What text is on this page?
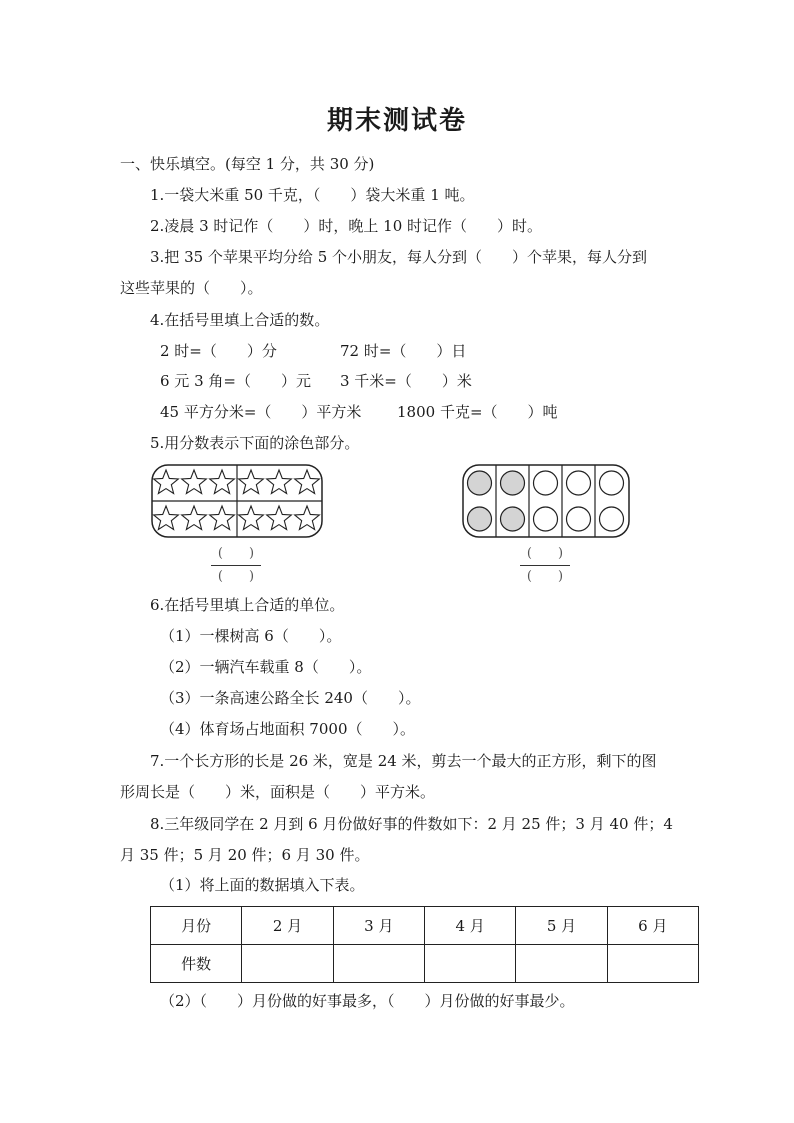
期末测试卷
一、快乐填空。(每空 1 分，共 30 分)
1.一袋大米重 50 千克，（　　）袋大米重 1 吨。
2.凌晨 3 时记作（　　）时，晚上 10 时记作（　　）时。
3.把 35 个苹果平均分给 5 个小朋友，每人分到（　　）个苹果，每人分到
这些苹果的（　　）。
4.在括号里填上合适的数。
2 时=（　　）分	72 时=（　　）日
6 元 3 角=（　　）元 3 千米=（　　）米
45 平方分米=（　　）平方米 1800 千克=（　　）吨
5.用分数表示下面的涂色部分。
(　　)
(　　)
(　　)
(　　)
6.在括号里填上合适的单位。
（1）一棵树高 6（　　）。
（2）一辆汽车载重 8（　　）。
（3）一条高速公路全长 240（　　）。
（4）体育场占地面积 7000（　　）。
7.一个长方形的长是 26 米，宽是 24 米，剪去一个最大的正方形，剩下的图
形周长是（　　）米，面积是（　　）平方米。
8.三年级同学在 2 月到 6 月份做好事的件数如下：2 月 25 件；3 月 40 件；4
月 35 件；5 月 20 件；6 月 30 件。
（1）将上面的数据填入下表。
月份	2 月	3 月	4 月	5 月	6 月
件数					
（2）（　　）月份做的好事最多，（　　）月份做的好事最少。
